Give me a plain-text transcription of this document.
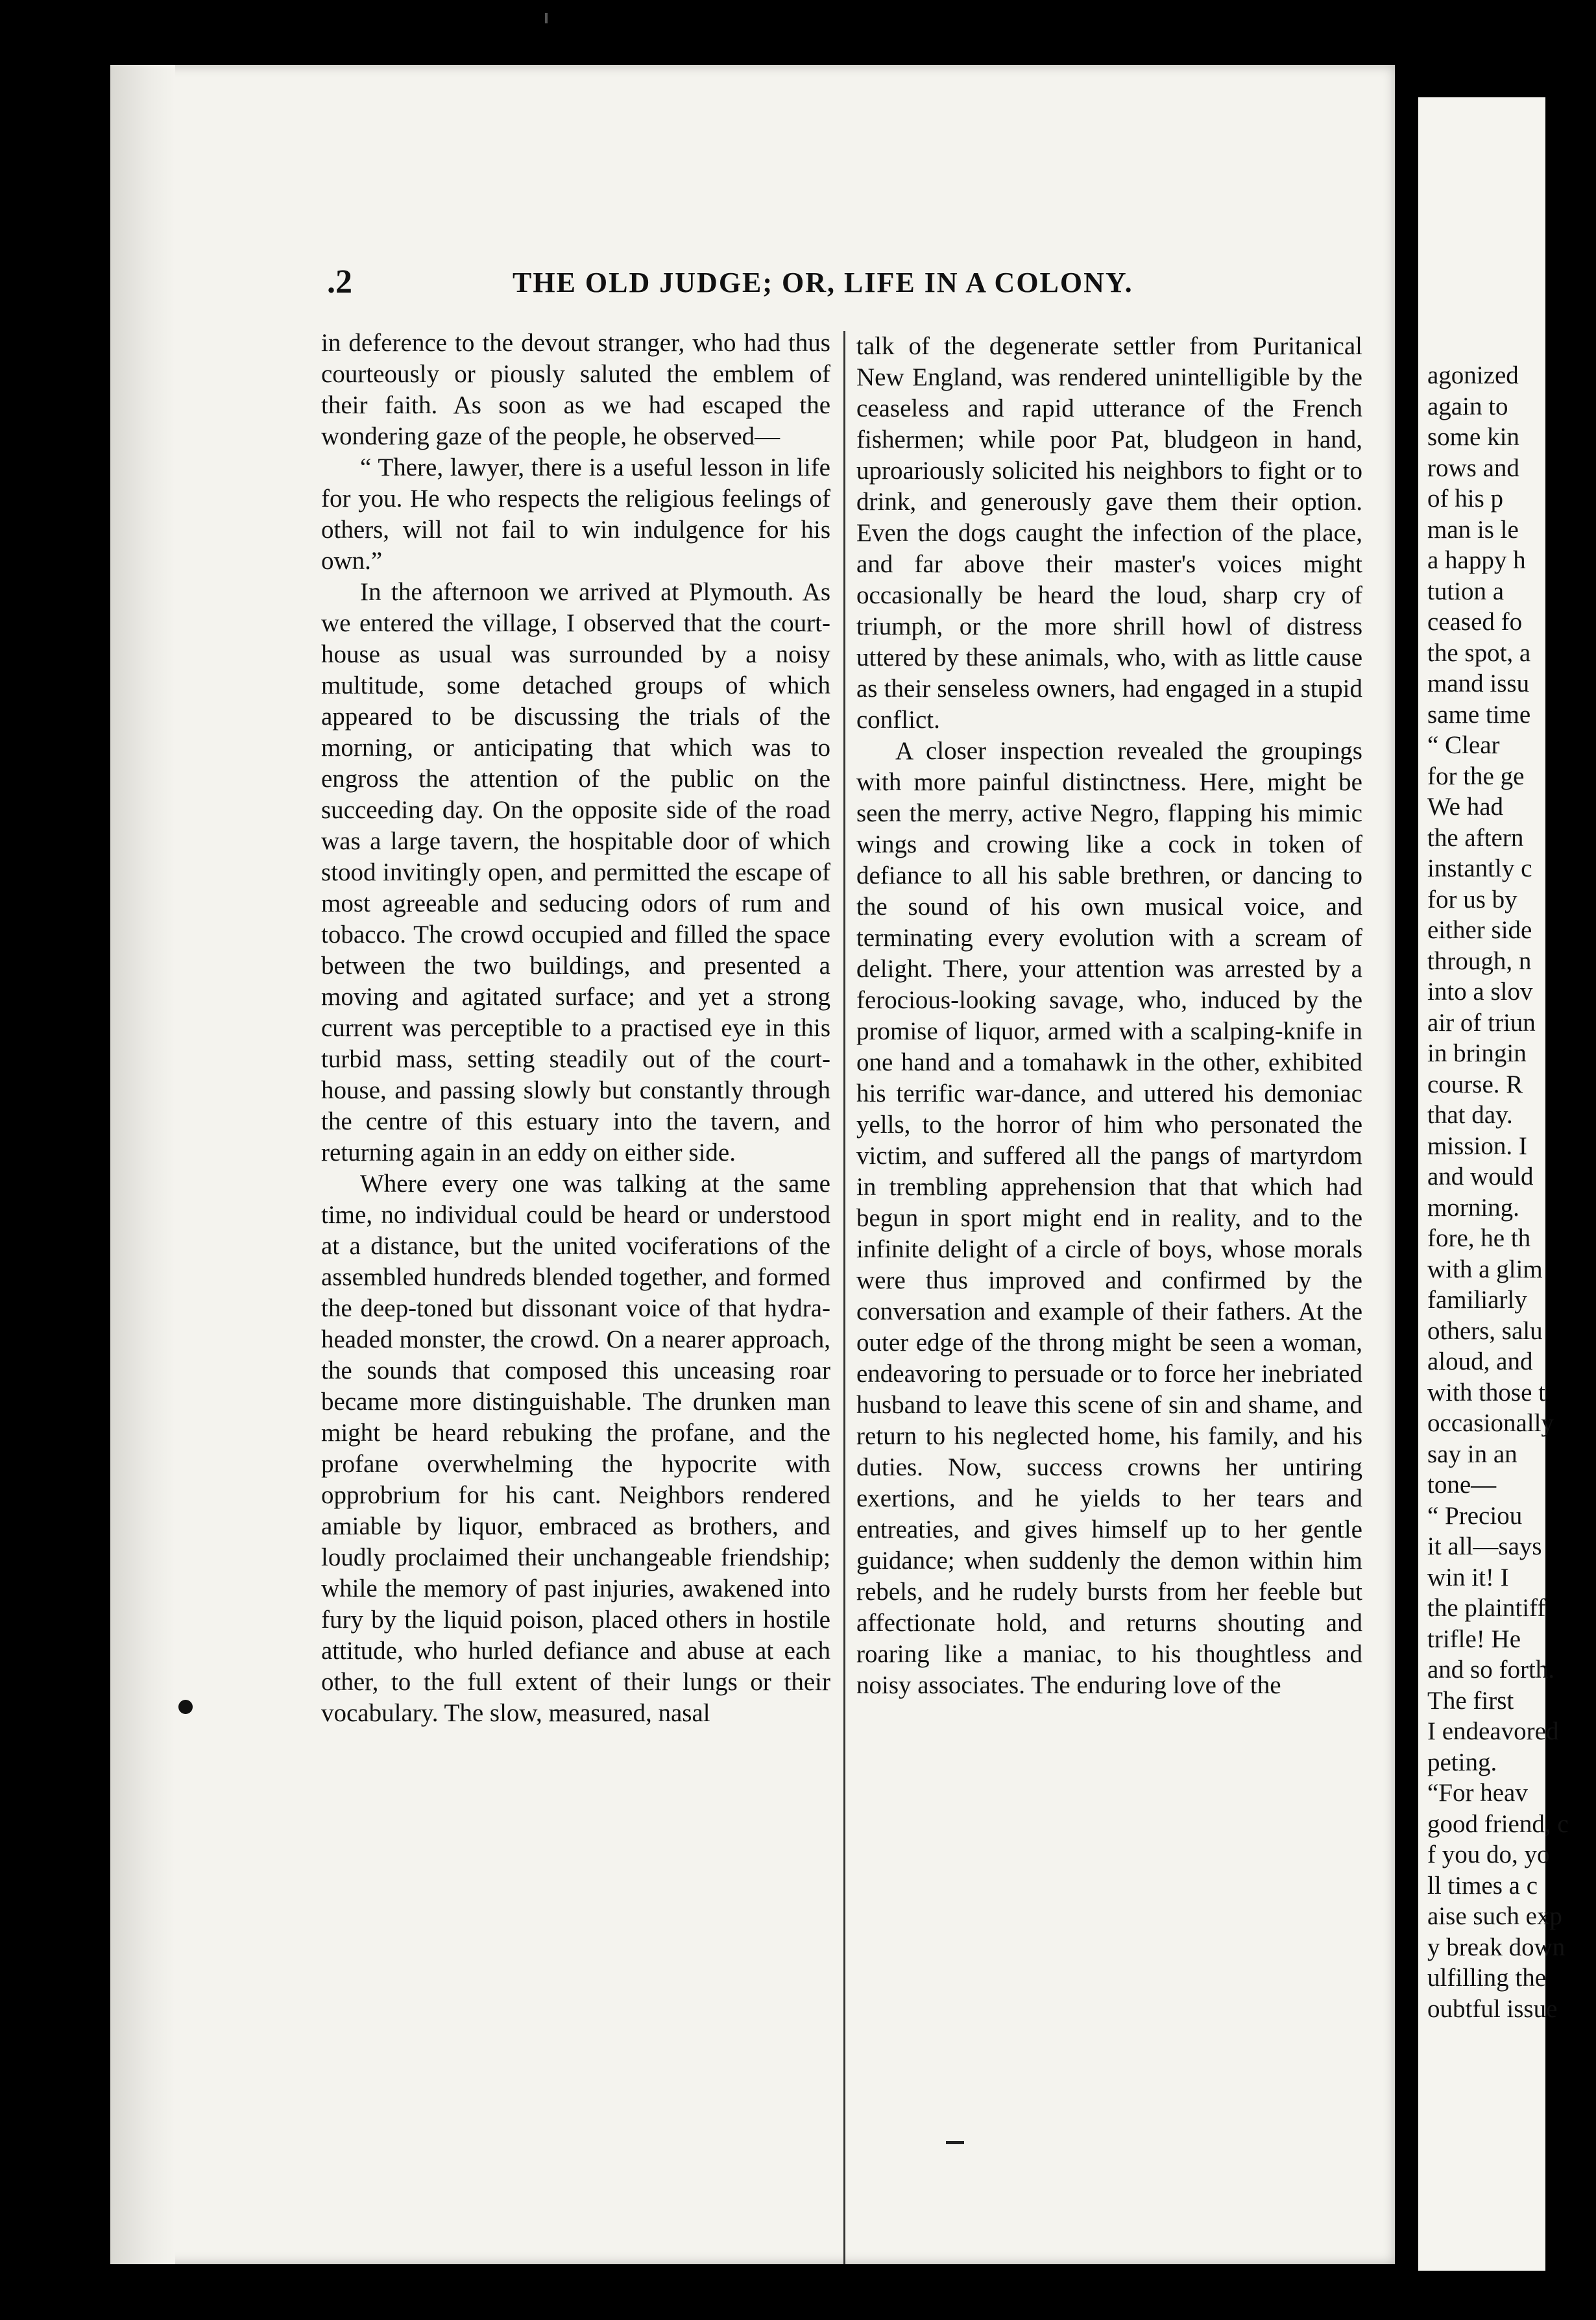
.2	THE OLD JUDGE; OR, LIFE IN A COLONY.

in deference to the devout stranger, who had thus courteously or piously saluted the emblem of their faith. As soon as we had escaped the wondering gaze of the people, he observed—

“ There, lawyer, there is a useful lesson in life for you. He who respects the religious feelings of others, will not fail to win indulgence for his own.”

In the afternoon we arrived at Plymouth. As we entered the village, I observed that the court-house as usual was surrounded by a noisy multitude, some detached groups of which appeared to be discussing the trials of the morning, or anticipating that which was to engross the attention of the public on the succeeding day. On the opposite side of the road was a large tavern, the hospitable door of which stood invitingly open, and permitted the escape of most agreeable and seducing odors of rum and tobacco. The crowd occupied and filled the space between the two buildings, and presented a moving and agitated surface; and yet a strong current was perceptible to a practised eye in this turbid mass, setting steadily out of the court-house, and passing slowly but constantly through the centre of this estuary into the tavern, and returning again in an eddy on either side.

Where every one was talking at the same time, no individual could be heard or understood at a distance, but the united vociferations of the assembled hundreds blended together, and formed the deep-toned but dissonant voice of that hydra-headed monster, the crowd. On a nearer approach, the sounds that composed this unceasing roar became more distinguishable. The drunken man might be heard rebuking the profane, and the profane overwhelming the hypocrite with opprobrium for his cant. Neighbors rendered amiable by liquor, embraced as brothers, and loudly proclaimed their unchangeable friendship; while the memory of past injuries, awakened into fury by the liquid poison, placed others in hostile attitude, who hurled defiance and abuse at each other, to the full extent of their lungs or their vocabulary. The slow, measured, nasal

talk of the degenerate settler from Puritanical New England, was rendered unintelligible by the ceaseless and rapid utterance of the French fishermen; while poor Pat, bludgeon in hand, uproariously solicited his neighbors to fight or to drink, and generously gave them their option. Even the dogs caught the infection of the place, and far above their master's voices might occasionally be heard the loud, sharp cry of triumph, or the more shrill howl of distress uttered by these animals, who, with as little cause as their senseless owners, had engaged in a stupid conflict.

A closer inspection revealed the groupings with more painful distinctness. Here, might be seen the merry, active Negro, flapping his mimic wings and crowing like a cock in token of defiance to all his sable brethren, or dancing to the sound of his own musical voice, and terminating every evolution with a scream of delight. There, your attention was arrested by a ferocious-looking savage, who, induced by the promise of liquor, armed with a scalping-knife in one hand and a tomahawk in the other, exhibited his terrific war-dance, and uttered his demoniac yells, to the horror of him who personated the victim, and suffered all the pangs of martyrdom in trembling apprehension that that which had begun in sport might end in reality, and to the infinite delight of a circle of boys, whose morals were thus improved and confirmed by the conversation and example of their fathers. At the outer edge of the throng might be seen a woman, endeavoring to persuade or to force her inebriated husband to leave this scene of sin and shame, and return to his neglected home, his family, and his duties. Now, success crowns her untiring exertions, and he yields to her tears and entreaties, and gives himself up to her gentle guidance; when suddenly the demon within him rebels, and he rudely bursts from her feeble but affectionate hold, and returns shouting and roaring like a maniac, to his thoughtless and noisy associates. The enduring love of the

agonized
again to
some kin
rows and
of his p
man is le
a happy h
tution a
ceased fo
the spot, a
mand issu
same time
“ Clear
for the ge
We had
the aftern
instantly c
for us by
either side
through, n
into a slov
air of triun
in bringin
course. R
that day.
mission. I
and would
morning.
fore, he th
with a glim
familiarly
others, salu
aloud, and
with those t
occasionally
say in an
tone—
“ Preciou
it all—says
win it! I
the plaintiff
trifle! He
and so forth.
The first
I endeavored
peting.
“For heav
good friend, c
f you do, yo
ll times a c
aise such exp
y break down
ulfilling the
oubtful issue
